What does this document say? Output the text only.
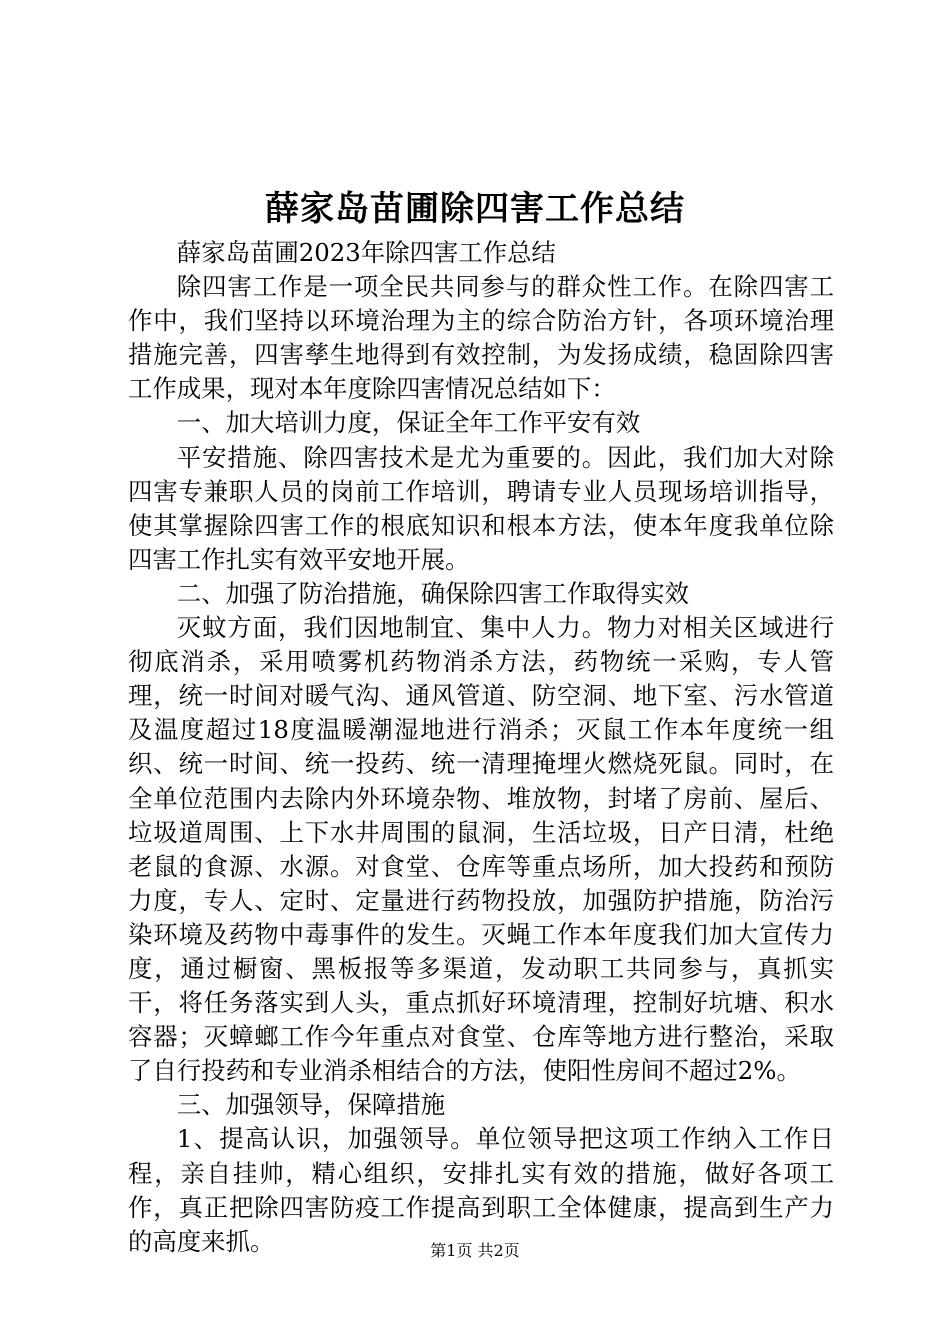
薛家岛苗圃除四害工作总结

薛家岛苗圃2023年除四害工作总结

除四害工作是一项全民共同参与的群众性工作。在除四害工作中，我们坚持以环境治理为主的综合防治方针，各项环境治理措施完善，四害孳生地得到有效控制，为发扬成绩，稳固除四害工作成果，现对本年度除四害情况总结如下：

一、加大培训力度，保证全年工作平安有效

平安措施、除四害技术是尤为重要的。因此，我们加大对除四害专兼职人员的岗前工作培训，聘请专业人员现场培训指导，使其掌握除四害工作的根底知识和根本方法，使本年度我单位除四害工作扎实有效平安地开展。

二、加强了防治措施，确保除四害工作取得实效

灭蚊方面，我们因地制宜、集中人力。物力对相关区域进行彻底消杀，采用喷雾机药物消杀方法，药物统一采购，专人管理，统一时间对暖气沟、通风管道、防空洞、地下室、污水管道及温度超过18度温暖潮湿地进行消杀；灭鼠工作本年度统一组织、统一时间、统一投药、统一清理掩埋火燃烧死鼠。同时，在全单位范围内去除内外环境杂物、堆放物，封堵了房前、屋后、垃圾道周围、上下水井周围的鼠洞，生活垃圾，日产日清，杜绝老鼠的食源、水源。对食堂、仓库等重点场所，加大投药和预防力度，专人、定时、定量进行药物投放，加强防护措施，防治污染环境及药物中毒事件的发生。灭蝇工作本年度我们加大宣传力度，通过橱窗、黑板报等多渠道，发动职工共同参与，真抓实干，将任务落实到人头，重点抓好环境清理，控制好坑塘、积水容器；灭蟑螂工作今年重点对食堂、仓库等地方进行整治，采取了自行投药和专业消杀相结合的方法，使阳性房间不超过2%。

三、加强领导，保障措施

1、提高认识，加强领导。单位领导把这项工作纳入工作日程，亲自挂帅，精心组织，安排扎实有效的措施，做好各项工作，真正把除四害防疫工作提高到职工全体健康，提高到生产力的高度来抓。	第1页 共2页
